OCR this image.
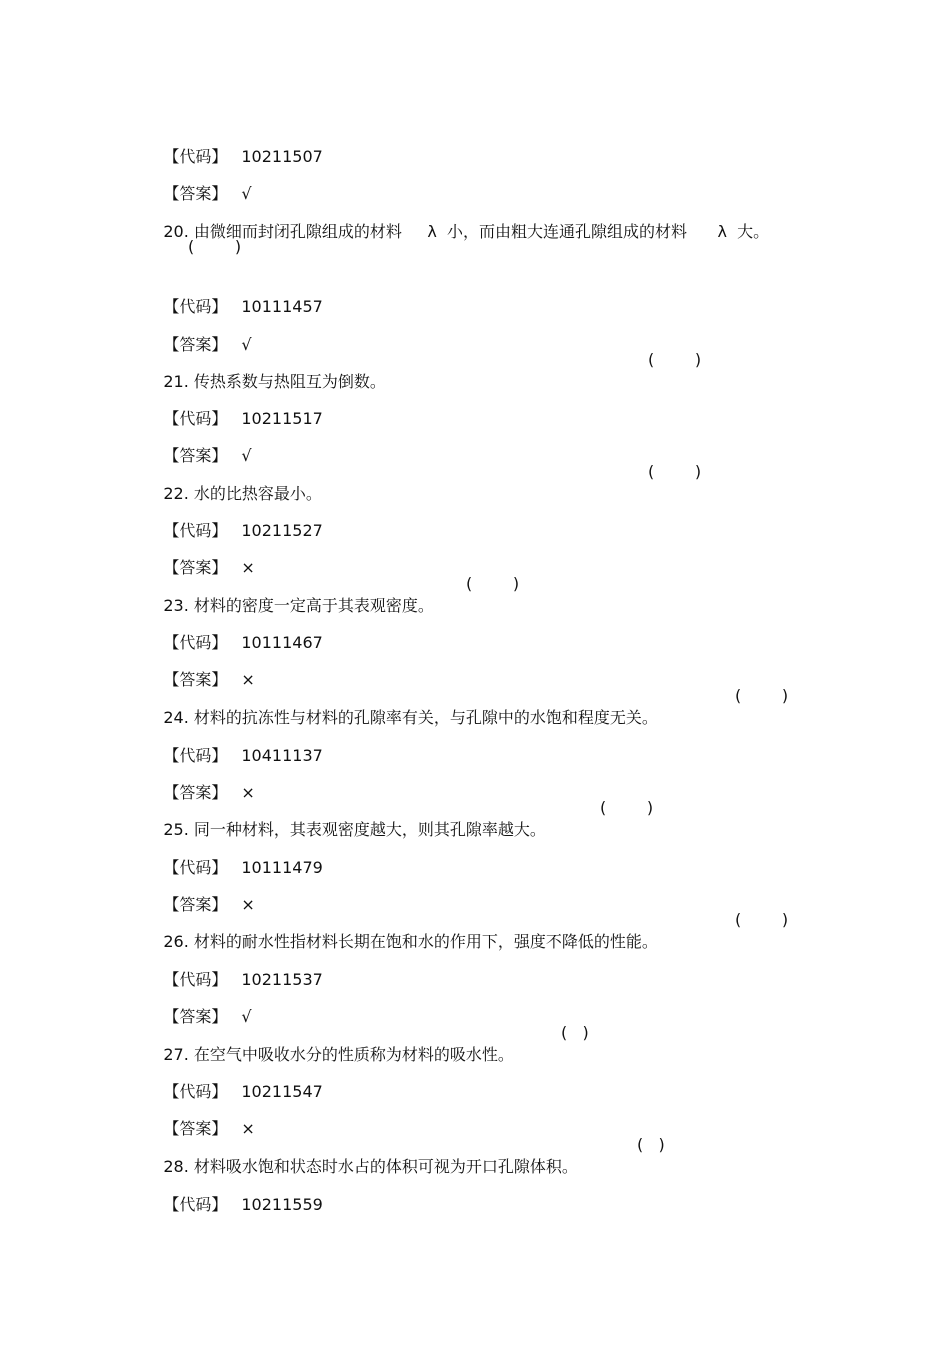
【代码】 10211507

【答案】 √

20. 由微细而封闭孔隙组成的材料     λ  小，而由粗大连通孔隙组成的材料      λ  大。

(        )

【代码】 10111457

【答案】 √

21. 传热系数与热阻互为倒数。

(        )

【代码】 10211517

【答案】 √

22. 水的比热容最小。

(        )

【代码】 10211527

【答案】 ×

23. 材料的密度一定高于其表观密度。

(        )

【代码】 10111467

【答案】 ×

24. 材料的抗冻性与材料的孔隙率有关，与孔隙中的水饱和程度无关。

(        )

【代码】 10411137

【答案】 ×

25. 同一种材料，其表观密度越大，则其孔隙率越大。

(        )

【代码】 10111479

【答案】 ×

26. 材料的耐水性指材料长期在饱和水的作用下，强度不降低的性能。

(        )

【代码】 10211537

【答案】 √

27. 在空气中吸收水分的性质称为材料的吸水性。

(   )

【代码】 10211547

【答案】 ×

28. 材料吸水饱和状态时水占的体积可视为开口孔隙体积。

(   )

【代码】 10211559
